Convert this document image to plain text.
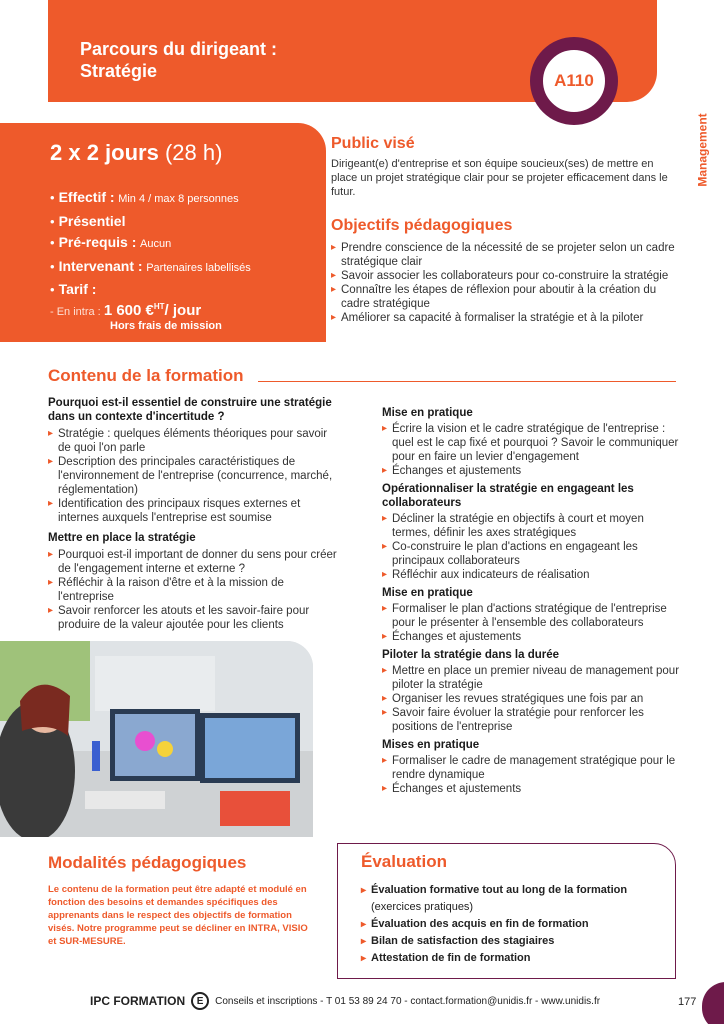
Parcours du dirigeant :
Stratégie	A110
Management
2 x 2 jours (28 h)
• Effectif : Min 4 / max 8 personnes
• Présentiel
• Pré-requis : Aucun
• Intervenant : Partenaires labellisés
• Tarif :
- En intra : 1 600 €$^{HT}$/ jour
Hors frais de mission
Public visé
Dirigeant(e) d'entreprise et son équipe soucieux(ses) de mettre en place un projet stratégique clair pour se projeter efficacement dans le futur.
Objectifs pédagogiques
▸ Prendre conscience de la nécessité de se projeter selon un cadre stratégique clair
▸ Savoir associer les collaborateurs pour co-construire la stratégie
▸ Connaître les étapes de réflexion pour aboutir à la création du cadre stratégique
▸ Améliorer sa capacité à formaliser la stratégie et à la piloter
Contenu de la formation
Pourquoi est-il essentiel de construire une stratégie dans un contexte d'incertitude ?
▸ Stratégie : quelques éléments théoriques pour savoir de quoi l'on parle
▸ Description des principales caractéristiques de l'environnement de l'entreprise (concurrence, marché, réglementation)
▸ Identification des principaux risques externes et internes auxquels l'entreprise est soumise
Mettre en place la stratégie
▸ Pourquoi est-il important de donner du sens pour créer de l'engagement interne et externe ?
▸ Réfléchir à la raison d'être et à la mission de l'entreprise
▸ Savoir renforcer les atouts et les savoir-faire pour produire de la valeur ajoutée pour les clients
Mise en pratique
▸ Écrire la vision et le cadre stratégique de l'entreprise : quel est le cap fixé et pourquoi ? Savoir le communiquer pour en faire un levier d'engagement
▸ Échanges et ajustements
Opérationnaliser la stratégie en engageant les collaborateurs
▸ Décliner la stratégie en objectifs à court et moyen termes, définir les axes stratégiques
▸ Co-construire le plan d'actions en engageant les principaux collaborateurs
▸ Réfléchir aux indicateurs de réalisation
Mise en pratique
▸ Formaliser le plan d'actions stratégique de l'entreprise pour le présenter à l'ensemble des collaborateurs
▸ Échanges et ajustements
Piloter la stratégie dans la durée
▸ Mettre en place un premier niveau de management pour piloter la stratégie
▸ Organiser les revues stratégiques une fois par an
▸ Savoir faire évoluer la stratégie pour renforcer les positions de l'entreprise
Mises en pratique
▸ Formaliser le cadre de management stratégique pour le rendre dynamique
▸ Échanges et ajustements
Modalités pédagogiques
Le contenu de la formation peut être adapté et modulé en fonction des besoins et demandes spécifiques des apprenants dans le respect des objectifs de formation visés. Notre programme peut se décliner en INTRA, VISIO et SUR-MESURE.
Évaluation
▸ Évaluation formative tout au long de la formation
(exercices pratiques)
▸ Évaluation des acquis en fin de formation
▸ Bilan de satisfaction des stagiaires
▸ Attestation de fin de formation
IPC FORMATION	E	Conseils et inscriptions - T 01 53 89 24 70 - contact.formation@unidis.fr - www.unidis.fr	177
